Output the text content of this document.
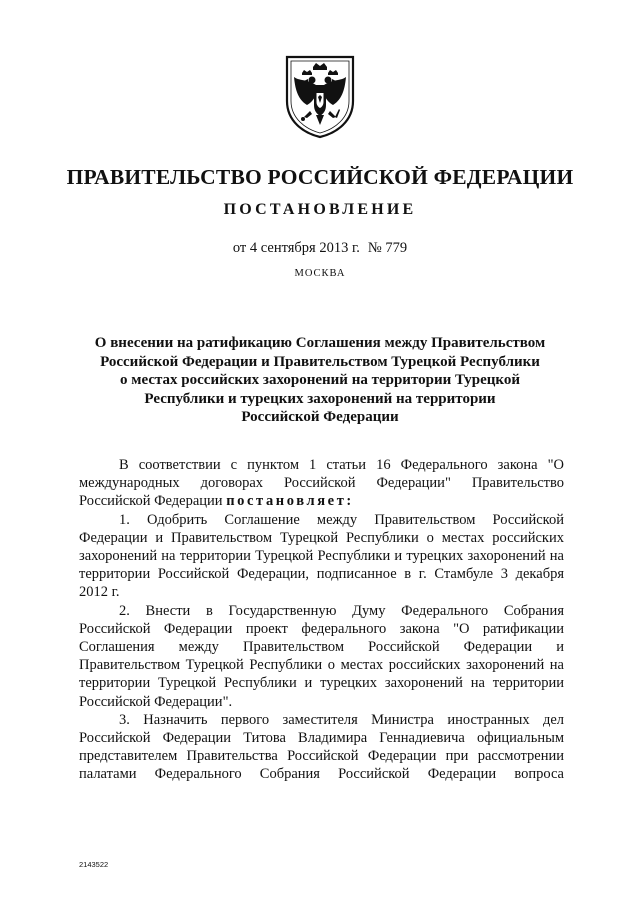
ПРАВИТЕЛЬСТВО РОССИЙСКОЙ ФЕДЕРАЦИИ
ПОСТАНОВЛЕНИЕ
от 4 сентября 2013 г. № 779
МОСКВА
О внесении на ратификацию Соглашения между Правительством
Российской Федерации и Правительством Турецкой Республики
о местах российских захоронений на территории Турецкой
Республики и турецких захоронений на территории
Российской Федерации

В соответствии с пунктом 1 статьи 16 Федерального закона "О международных договорах Российской Федерации" Правительство Российской Федерации постановляет:

1. Одобрить Соглашение между Правительством Российской Федерации и Правительством Турецкой Республики о местах российских захоронений на территории Турецкой Республики и турецких захоронений на территории Российской Федерации, подписанное в г. Стамбуле 3 декабря 2012 г.

2. Внести в Государственную Думу Федерального Собрания Российской Федерации проект федерального закона "О ратификации Соглашения между Правительством Российской Федерации и Правительством Турецкой Республики о местах российских захоронений на территории Турецкой Республики и турецких захоронений на территории Российской Федерации".

3. Назначить первого заместителя Министра иностранных дел Российской Федерации Титова Владимира Геннадиевича официальным представителем Правительства Российской Федерации при рассмотрении палатами Федерального Собрания Российской Федерации вопроса

2143522
